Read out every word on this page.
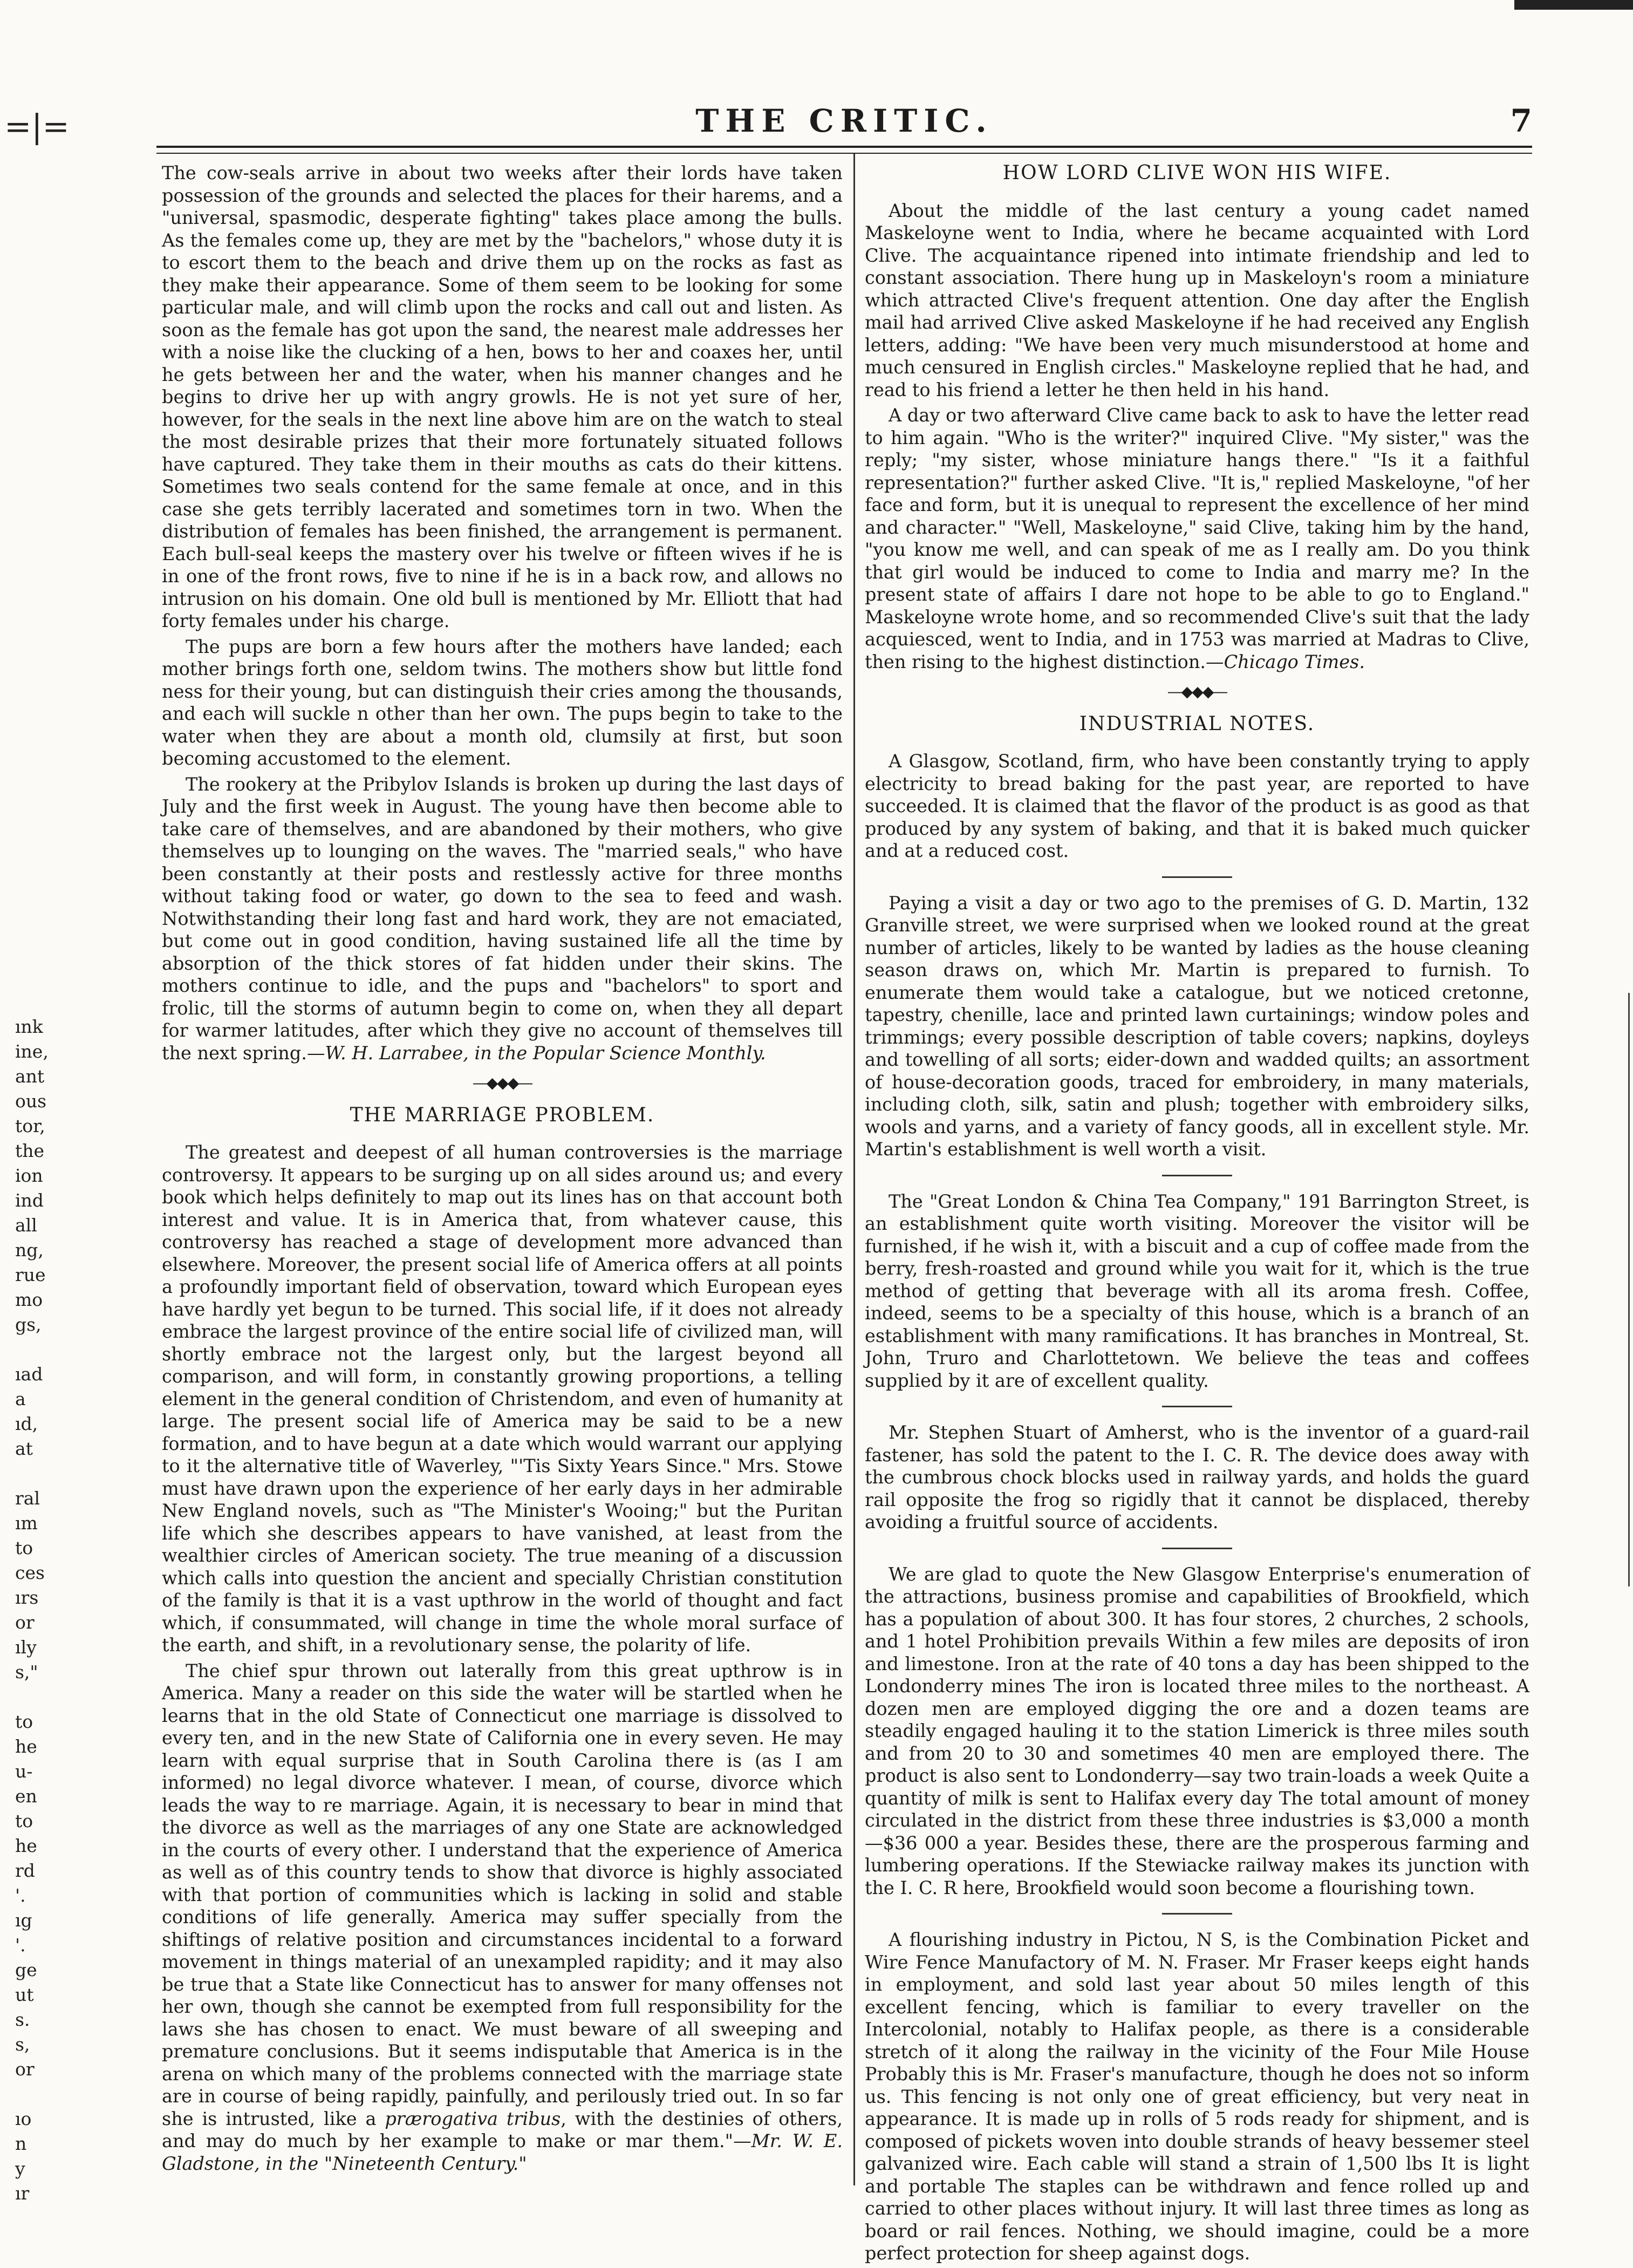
=|=	THE CRITIC.	7
ınk
ine,
ant
ous
tor,
the
ion
ind
all
ng,
rue
mo
gs,
ıad
a
ıd,
at
ral
ım
to
ces
ırs
or
ıly
s,"
to
he
u-
en
to
he
rd
'.
ıg
'.
ge
ut
s.
s,
or
ıo
n
y
ır

The cow-seals arrive in about two weeks after their lords have taken possession of the grounds and selected the places for their harems, and a "universal, spasmodic, desperate fighting" takes place among the bulls. As the females come up, they are met by the "bachelors," whose duty it is to escort them to the beach and drive them up on the rocks as fast as they make their appearance. Some of them seem to be looking for some particular male, and will climb upon the rocks and call out and listen. As soon as the female has got upon the sand, the nearest male addresses her with a noise like the clucking of a hen, bows to her and coaxes her, until he gets between her and the water, when his manner changes and he begins to drive her up with angry growls. He is not yet sure of her, however, for the seals in the next line above him are on the watch to steal the most desirable prizes that their more fortunately situated follows have captured. They take them in their mouths as cats do their kittens. Sometimes two seals contend for the same female at once, and in this case she gets terribly lacerated and sometimes torn in two. When the distribution of females has been finished, the arrangement is permanent. Each bull-seal keeps the mastery over his twelve or fifteen wives if he is in one of the front rows, five to nine if he is in a back row, and allows no intrusion on his domain. One old bull is mentioned by Mr. Elliott that had forty females under his charge.

The pups are born a few hours after the mothers have landed; each mother brings forth one, seldom twins. The mothers show but little fond ness for their young, but can distinguish their cries among the thousands, and each will suckle n other than her own. The pups begin to take to the water when they are about a month old, clumsily at first, but soon becoming accustomed to the element.

The rookery at the Pribylov Islands is broken up during the last days of July and the first week in August. The young have then become able to take care of themselves, and are abandoned by their mothers, who give themselves up to lounging on the waves. The "married seals," who have been constantly at their posts and restlessly active for three months without taking food or water, go down to the sea to feed and wash. Notwithstanding their long fast and hard work, they are not emaciated, but come out in good condition, having sustained life all the time by absorption of the thick stores of fat hidden under their skins. The mothers continue to idle, and the pups and "bachelors" to sport and frolic, till the storms of autumn begin to come on, when they all depart for warmer latitudes, after which they give no account of themselves till the next spring.—W. H. Larrabee, in the Popular Science Monthly.

—◆◆◆—
THE MARRIAGE PROBLEM.

The greatest and deepest of all human controversies is the marriage controversy. It appears to be surging up on all sides around us; and every book which helps definitely to map out its lines has on that account both interest and value. It is in America that, from whatever cause, this controversy has reached a stage of development more advanced than elsewhere. Moreover, the present social life of America offers at all points a profoundly important field of observation, toward which European eyes have hardly yet begun to be turned. This social life, if it does not already embrace the largest province of the entire social life of civilized man, will shortly embrace not the largest only, but the largest beyond all comparison, and will form, in constantly growing proportions, a telling element in the general condition of Christendom, and even of humanity at large. The present social life of America may be said to be a new formation, and to have begun at a date which would warrant our applying to it the alternative title of Waverley, "'Tis Sixty Years Since." Mrs. Stowe must have drawn upon the experience of her early days in her admirable New England novels, such as "The Minister's Wooing;" but the Puritan life which she describes appears to have vanished, at least from the wealthier circles of American society. The true meaning of a discussion which calls into question the ancient and specially Christian constitution of the family is that it is a vast upthrow in the world of thought and fact which, if consummated, will change in time the whole moral surface of the earth, and shift, in a revolutionary sense, the polarity of life.

The chief spur thrown out laterally from this great upthrow is in America. Many a reader on this side the water will be startled when he learns that in the old State of Connecticut one marriage is dissolved to every ten, and in the new State of California one in every seven. He may learn with equal surprise that in South Carolina there is (as I am informed) no legal divorce whatever. I mean, of course, divorce which leads the way to re marriage. Again, it is necessary to bear in mind that the divorce as well as the marriages of any one State are acknowledged in the courts of every other. I understand that the experience of America as well as of this country tends to show that divorce is highly associated with that portion of communities which is lacking in solid and stable conditions of life generally. America may suffer specially from the shiftings of relative position and circumstances incidental to a forward movement in things material of an unexampled rapidity; and it may also be true that a State like Connecticut has to answer for many offenses not her own, though she cannot be exempted from full responsibility for the laws she has chosen to enact. We must beware of all sweeping and premature conclusions. But it seems indisputable that America is in the arena on which many of the problems connected with the marriage state are in course of being rapidly, painfully, and perilously tried out. In so far she is intrusted, like a prærogativa tribus, with the destinies of others, and may do much by her example to make or mar them."—Mr. W. E. Gladstone, in the "Nineteenth Century."

HOW LORD CLIVE WON HIS WIFE.

About the middle of the last century a young cadet named Maskeloyne went to India, where he became acquainted with Lord Clive. The acquaintance ripened into intimate friendship and led to constant association. There hung up in Maskeloyn's room a miniature which attracted Clive's frequent attention. One day after the English mail had arrived Clive asked Maskeloyne if he had received any English letters, adding: "We have been very much misunderstood at home and much censured in English circles." Maskeloyne replied that he had, and read to his friend a letter he then held in his hand.

A day or two afterward Clive came back to ask to have the letter read to him again. "Who is the writer?" inquired Clive. "My sister," was the reply; "my sister, whose miniature hangs there." "Is it a faithful representation?" further asked Clive. "It is," replied Maskeloyne, "of her face and form, but it is unequal to represent the excellence of her mind and character." "Well, Maskeloyne," said Clive, taking him by the hand, "you know me well, and can speak of me as I really am. Do you think that girl would be induced to come to India and marry me? In the present state of affairs I dare not hope to be able to go to England." Maskeloyne wrote home, and so recommended Clive's suit that the lady acquiesced, went to India, and in 1753 was married at Madras to Clive, then rising to the highest distinction.—Chicago Times.

—◆◆◆—
INDUSTRIAL NOTES.

A Glasgow, Scotland, firm, who have been constantly trying to apply electricity to bread baking for the past year, are reported to have succeeded. It is claimed that the flavor of the product is as good as that produced by any system of baking, and that it is baked much quicker and at a reduced cost.

Paying a visit a day or two ago to the premises of G. D. Martin, 132 Granville street, we were surprised when we looked round at the great number of articles, likely to be wanted by ladies as the house cleaning season draws on, which Mr. Martin is prepared to furnish. To enumerate them would take a catalogue, but we noticed cretonne, tapestry, chenille, lace and printed lawn curtainings; window poles and trimmings; every possible description of table covers; napkins, doyleys and towelling of all sorts; eider-down and wadded quilts; an assortment of house-decoration goods, traced for embroidery, in many materials, including cloth, silk, satin and plush; together with embroidery silks, wools and yarns, and a variety of fancy goods, all in excellent style. Mr. Martin's establishment is well worth a visit.

The "Great London & China Tea Company," 191 Barrington Street, is an establishment quite worth visiting. Moreover the visitor will be furnished, if he wish it, with a biscuit and a cup of coffee made from the berry, fresh-roasted and ground while you wait for it, which is the true method of getting that beverage with all its aroma fresh. Coffee, indeed, seems to be a specialty of this house, which is a branch of an establishment with many ramifications. It has branches in Montreal, St. John, Truro and Charlottetown. We believe the teas and coffees supplied by it are of excellent quality.

Mr. Stephen Stuart of Amherst, who is the inventor of a guard-rail fastener, has sold the patent to the I. C. R. The device does away with the cumbrous chock blocks used in railway yards, and holds the guard rail opposite the frog so rigidly that it cannot be displaced, thereby avoiding a fruitful source of accidents.

We are glad to quote the New Glasgow Enterprise's enumeration of the attractions, business promise and capabilities of Brookfield, which has a population of about 300. It has four stores, 2 churches, 2 schools, and 1 hotel Prohibition prevails Within a few miles are deposits of iron and limestone. Iron at the rate of 40 tons a day has been shipped to the Londonderry mines The iron is located three miles to the northeast. A dozen men are employed digging the ore and a dozen teams are steadily engaged hauling it to the station Limerick is three miles south and from 20 to 30 and sometimes 40 men are employed there. The product is also sent to Londonderry—say two train-loads a week Quite a quantity of milk is sent to Halifax every day The total amount of money circulated in the district from these three industries is $3,000 a month—$36 000 a year. Besides these, there are the prosperous farming and lumbering operations. If the Stewiacke railway makes its junction with the I. C. R here, Brookfield would soon become a flourishing town.

A flourishing industry in Pictou, N S, is the Combination Picket and Wire Fence Manufactory of M. N. Fraser. Mr Fraser keeps eight hands in employment, and sold last year about 50 miles length of this excellent fencing, which is familiar to every traveller on the Intercolonial, notably to Halifax people, as there is a considerable stretch of it along the railway in the vicinity of the Four Mile House Probably this is Mr. Fraser's manufacture, though he does not so inform us. This fencing is not only one of great efficiency, but very neat in appearance. It is made up in rolls of 5 rods ready for shipment, and is composed of pickets woven into double strands of heavy bessemer steel galvanized wire. Each cable will stand a strain of 1,500 lbs It is light and portable The staples can be withdrawn and fence rolled up and carried to other places without injury. It will last three times as long as board or rail fences. Nothing, we should imagine, could be a more perfect protection for sheep against dogs.
